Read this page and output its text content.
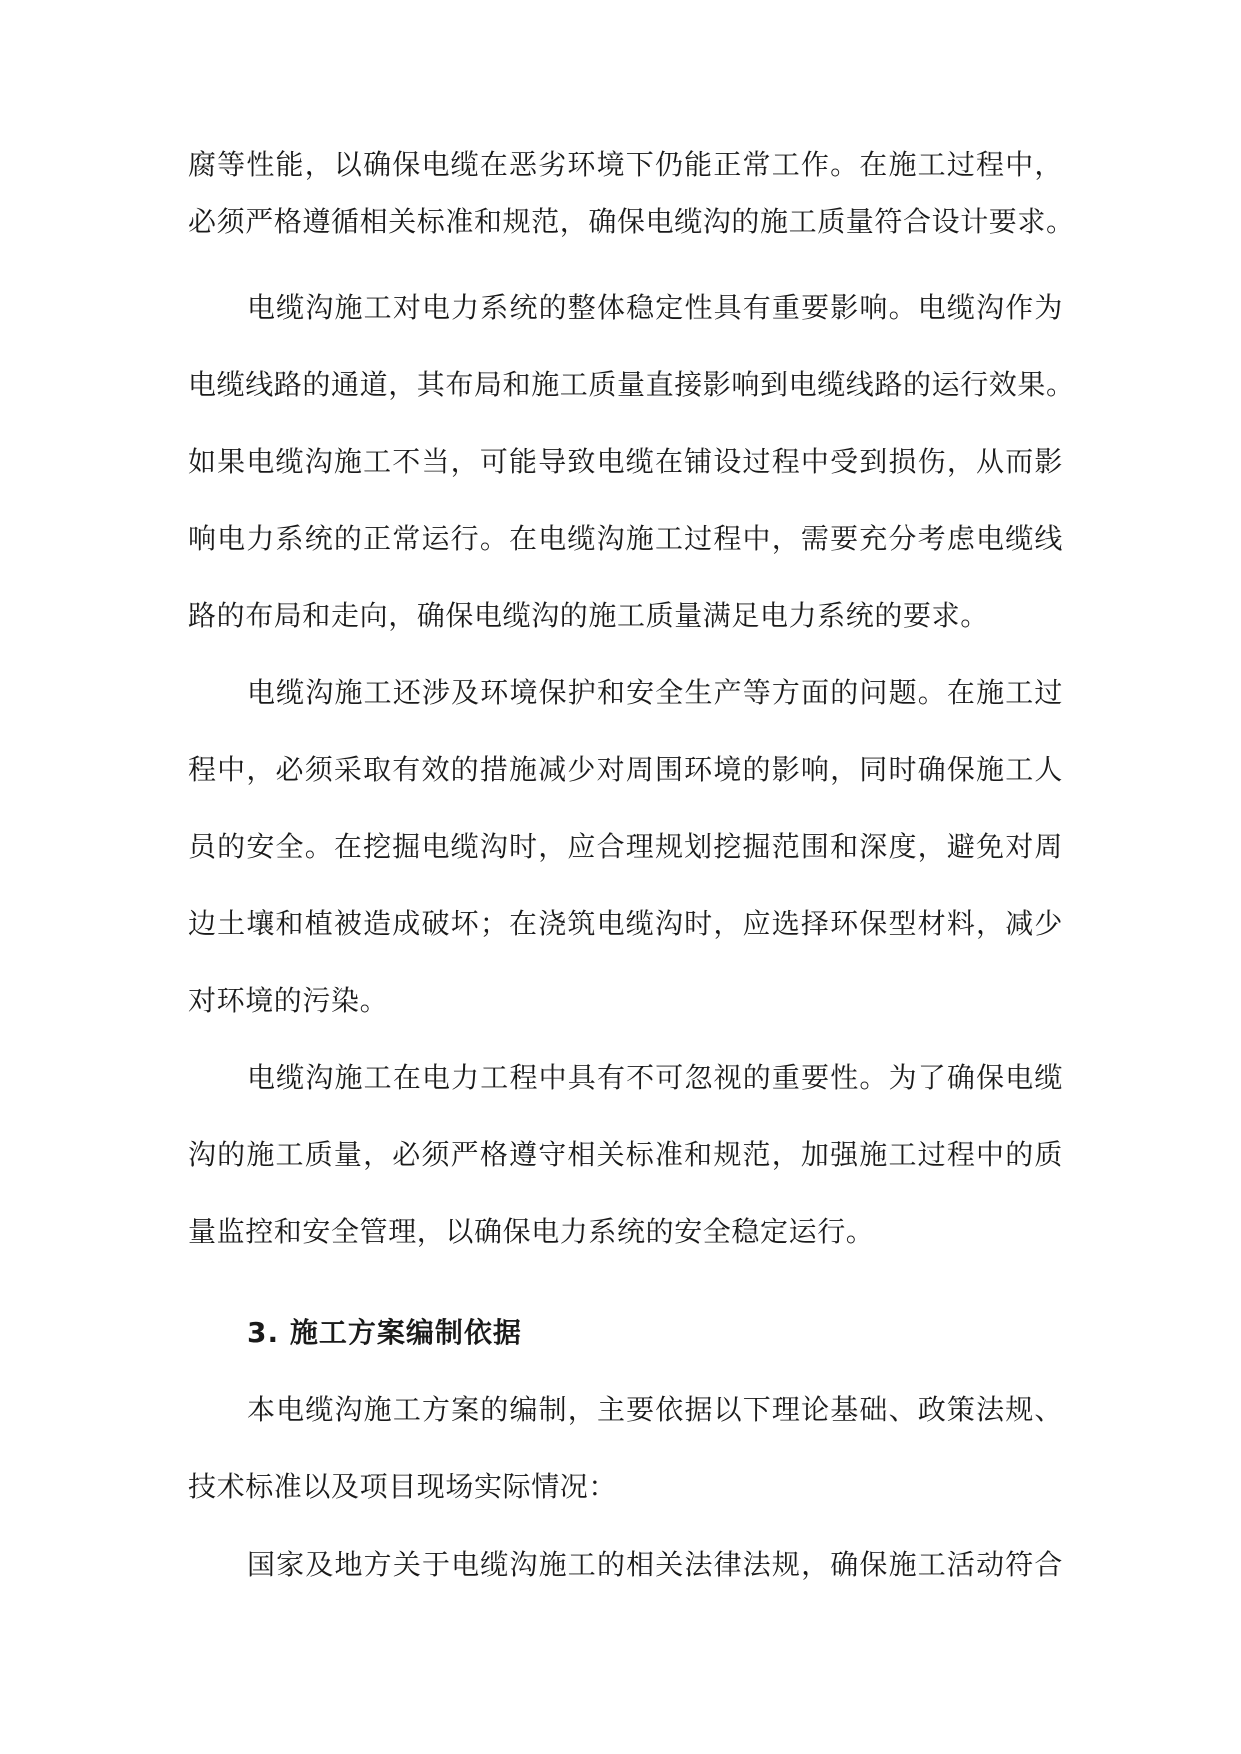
腐等性能，以确保电缆在恶劣环境下仍能正常工作。在施工过程中，
必须严格遵循相关标准和规范，确保电缆沟的施工质量符合设计要求。
电缆沟施工对电力系统的整体稳定性具有重要影响。电缆沟作为
电缆线路的通道，其布局和施工质量直接影响到电缆线路的运行效果。
如果电缆沟施工不当，可能导致电缆在铺设过程中受到损伤，从而影
响电力系统的正常运行。在电缆沟施工过程中，需要充分考虑电缆线
路的布局和走向，确保电缆沟的施工质量满足电力系统的要求。
电缆沟施工还涉及环境保护和安全生产等方面的问题。在施工过
程中，必须采取有效的措施减少对周围环境的影响，同时确保施工人
员的安全。在挖掘电缆沟时，应合理规划挖掘范围和深度，避免对周
边土壤和植被造成破坏；在浇筑电缆沟时，应选择环保型材料，减少
对环境的污染。
电缆沟施工在电力工程中具有不可忽视的重要性。为了确保电缆
沟的施工质量，必须严格遵守相关标准和规范，加强施工过程中的质
量监控和安全管理，以确保电力系统的安全稳定运行。
3. 施工方案编制依据
本电缆沟施工方案的编制，主要依据以下理论基础、政策法规、
技术标准以及项目现场实际情况：
国家及地方关于电缆沟施工的相关法律法规，确保施工活动符合
